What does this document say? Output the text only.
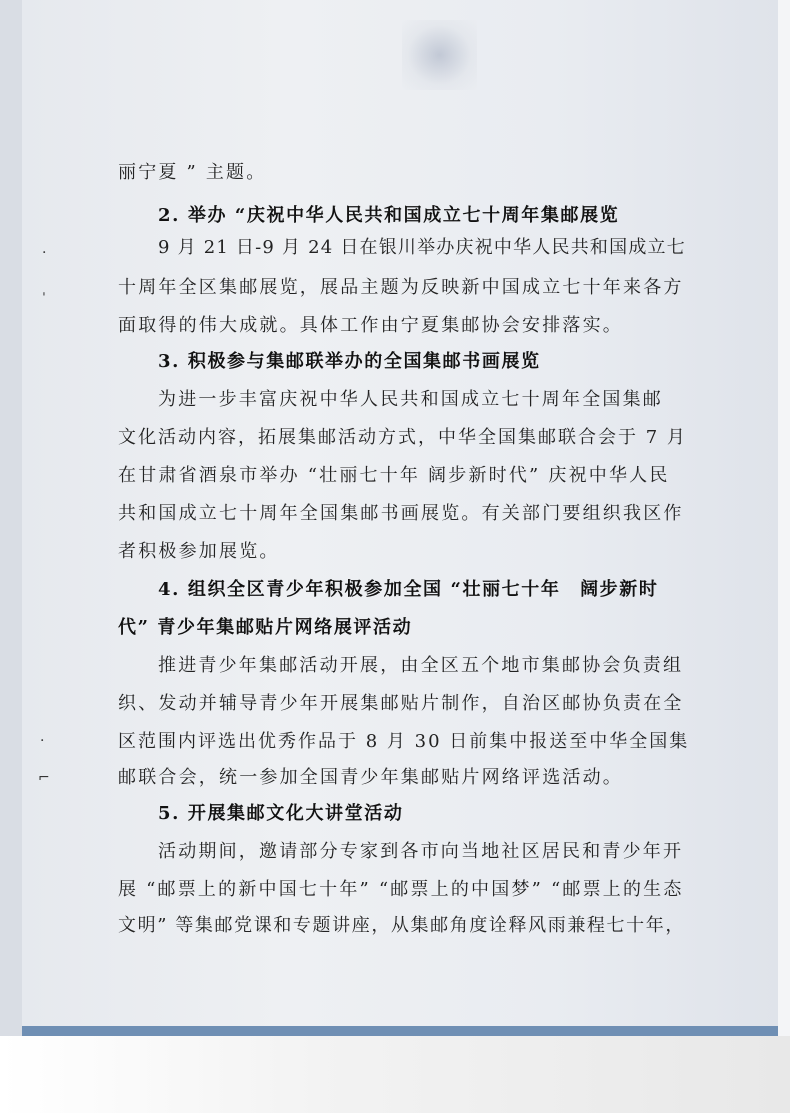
·
ˌ
·
⌐
丽宁夏 ” 主题。
2. 举办 “庆祝中华人民共和国成立七十周年集邮展览
9 月 21 日-9 月 24 日在银川举办庆祝中华人民共和国成立七
十周年全区集邮展览，展品主题为反映新中国成立七十年来各方
面取得的伟大成就。具体工作由宁夏集邮协会安排落实。
3. 积极参与集邮联举办的全国集邮书画展览
为进一步丰富庆祝中华人民共和国成立七十周年全国集邮
文化活动内容，拓展集邮活动方式，中华全国集邮联合会于 7 月
在甘肃省酒泉市举办 “壮丽七十年 阔步新时代” 庆祝中华人民
共和国成立七十周年全国集邮书画展览。有关部门要组织我区作
者积极参加展览。
4. 组织全区青少年积极参加全国 “壮丽七十年　阔步新时
代” 青少年集邮贴片网络展评活动
推进青少年集邮活动开展，由全区五个地市集邮协会负责组
织、发动并辅导青少年开展集邮贴片制作，自治区邮协负责在全
区范围内评选出优秀作品于 8 月 30 日前集中报送至中华全国集
邮联合会，统一参加全国青少年集邮贴片网络评选活动。
5. 开展集邮文化大讲堂活动
活动期间，邀请部分专家到各市向当地社区居民和青少年开
展 “邮票上的新中国七十年” “邮票上的中国梦” “邮票上的生态
文明” 等集邮党课和专题讲座，从集邮角度诠释风雨兼程七十年，
